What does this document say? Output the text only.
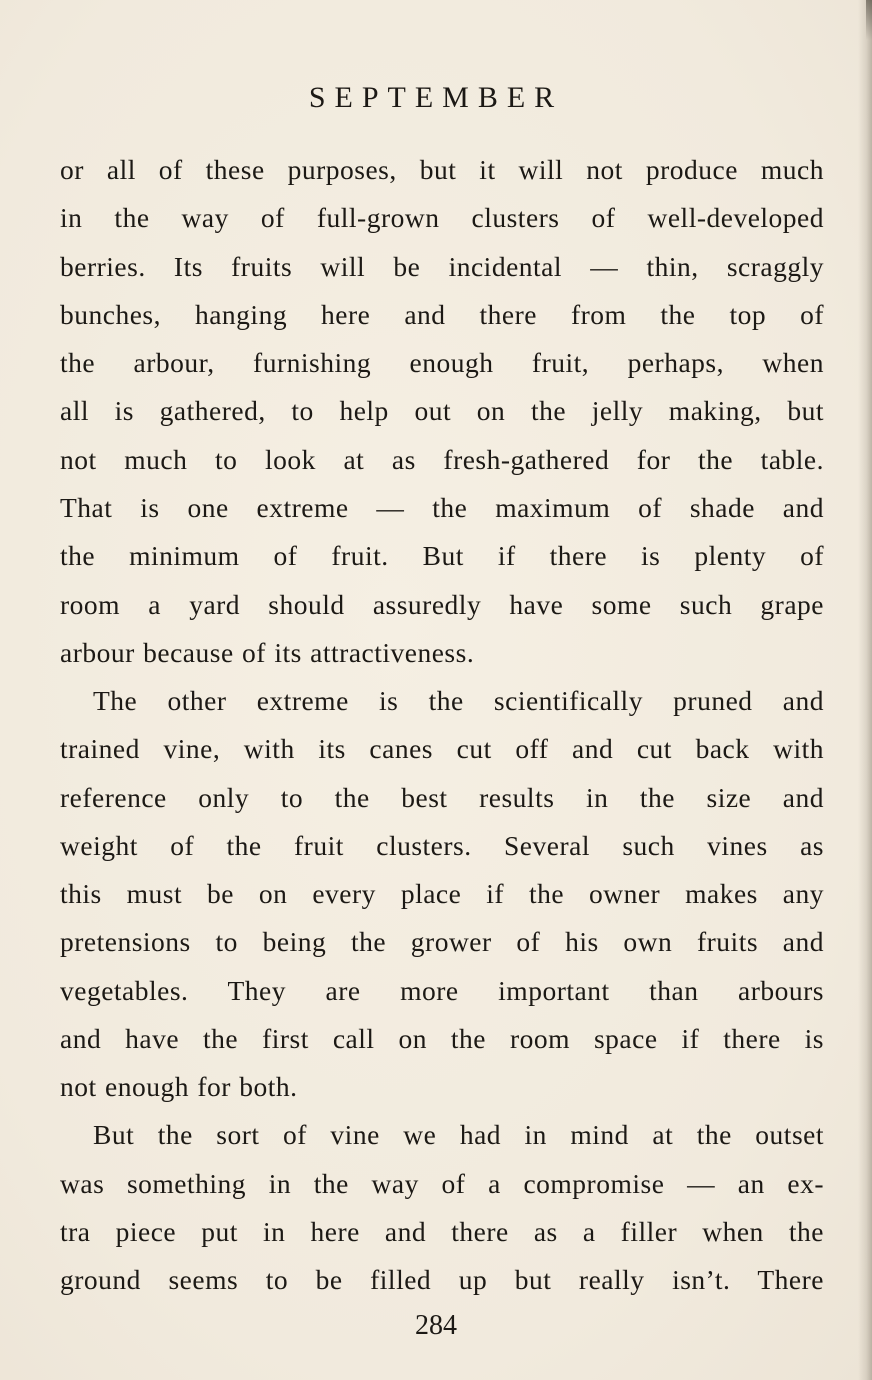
SEPTEMBER
or all of these purposes, but it will not produce much
in the way of full-grown clusters of well-developed
berries. Its fruits will be incidental — thin, scraggly
bunches, hanging here and there from the top of
the arbour, furnishing enough fruit, perhaps, when
all is gathered, to help out on the jelly making, but
not much to look at as fresh-gathered for the table.
That is one extreme — the maximum of shade and
the minimum of fruit. But if there is plenty of
room a yard should assuredly have some such grape
arbour because of its attractiveness.
The other extreme is the scientifically pruned and
trained vine, with its canes cut off and cut back with
reference only to the best results in the size and
weight of the fruit clusters. Several such vines as
this must be on every place if the owner makes any
pretensions to being the grower of his own fruits and
vegetables. They are more important than arbours
and have the first call on the room space if there is
not enough for both.
But the sort of vine we had in mind at the outset
was something in the way of a compromise — an ex-
tra piece put in here and there as a filler when the
ground seems to be filled up but really isn’t. There
284
